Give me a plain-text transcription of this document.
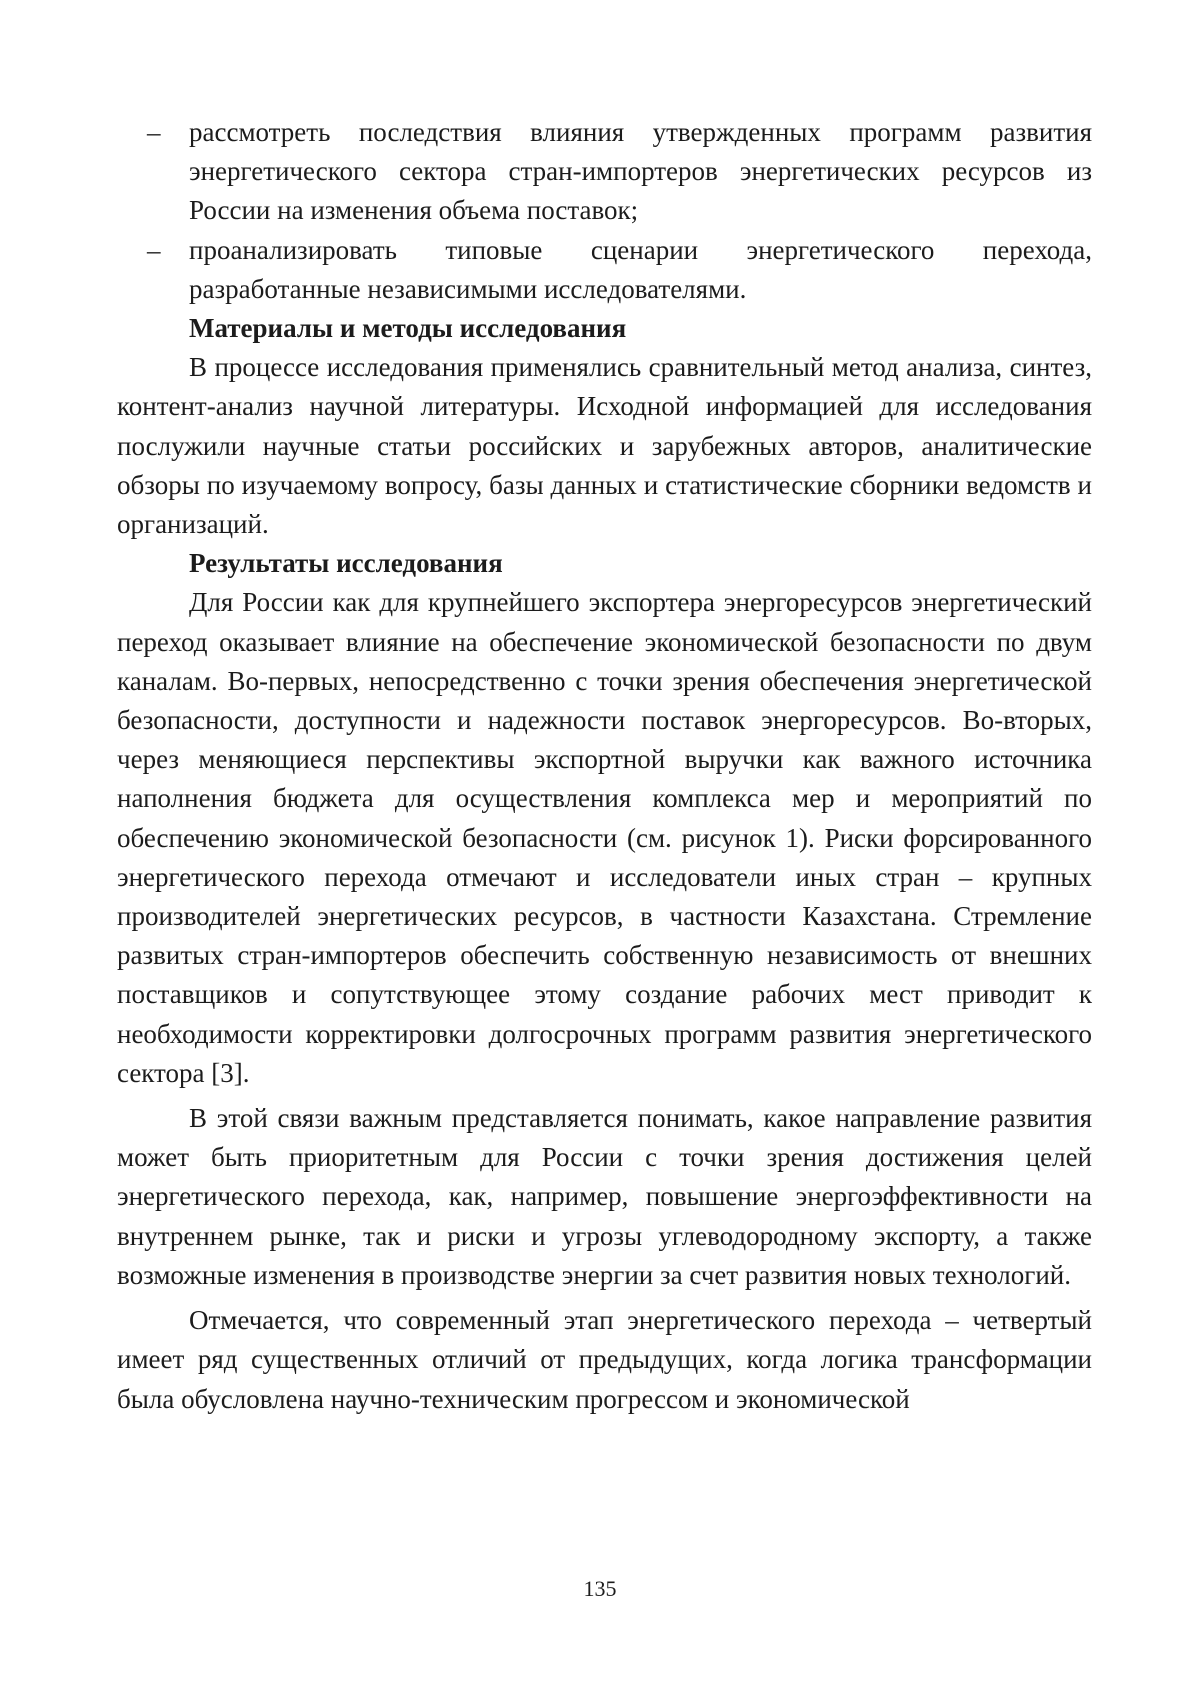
– рассмотреть последствия влияния утвержденных программ развития энергетического сектора стран-импортеров энергетических ресурсов из России на изменения объема поставок;
– проанализировать типовые сценарии энергетического перехода, разработанные независимыми исследователями.
Материалы и методы исследования

В процессе исследования применялись сравнительный метод анализа, синтез, контент-анализ научной литературы. Исходной информацией для исследования послужили научные статьи российских и зарубежных авторов, аналитические обзоры по изучаемому вопросу, базы данных и статистические сборники ведомств и организаций.

Результаты исследования

Для России как для крупнейшего экспортера энергоресурсов энергетический переход оказывает влияние на обеспечение экономической безопасности по двум каналам. Во-первых, непосредственно с точки зрения обеспечения энергетической безопасности, доступности и надежности поставок энергоресурсов. Во-вторых, через меняющиеся перспективы экспортной выручки как важного источника наполнения бюджета для осуществления комплекса мер и мероприятий по обеспечению экономической безопасности (см. рисунок 1). Риски форсированного энергетического перехода отмечают и исследователи иных стран – крупных производителей энергетических ресурсов, в частности Казахстана. Стремление развитых стран-импортеров обеспечить собственную независимость от внешних поставщиков и сопутствующее этому создание рабочих мест приводит к необходимости корректировки долгосрочных программ развития энергетического сектора [3].

В этой связи важным представляется понимать, какое направление развития может быть приоритетным для России с точки зрения достижения целей энергетического перехода, как, например, повышение энергоэффективности на внутреннем рынке, так и риски и угрозы углеводородному экспорту, а также возможные изменения в производстве энергии за счет развития новых технологий.

Отмечается, что современный этап энергетического перехода – четвертый имеет ряд существенных отличий от предыдущих, когда логика трансформации была обусловлена научно-техническим прогрессом и экономической

135
